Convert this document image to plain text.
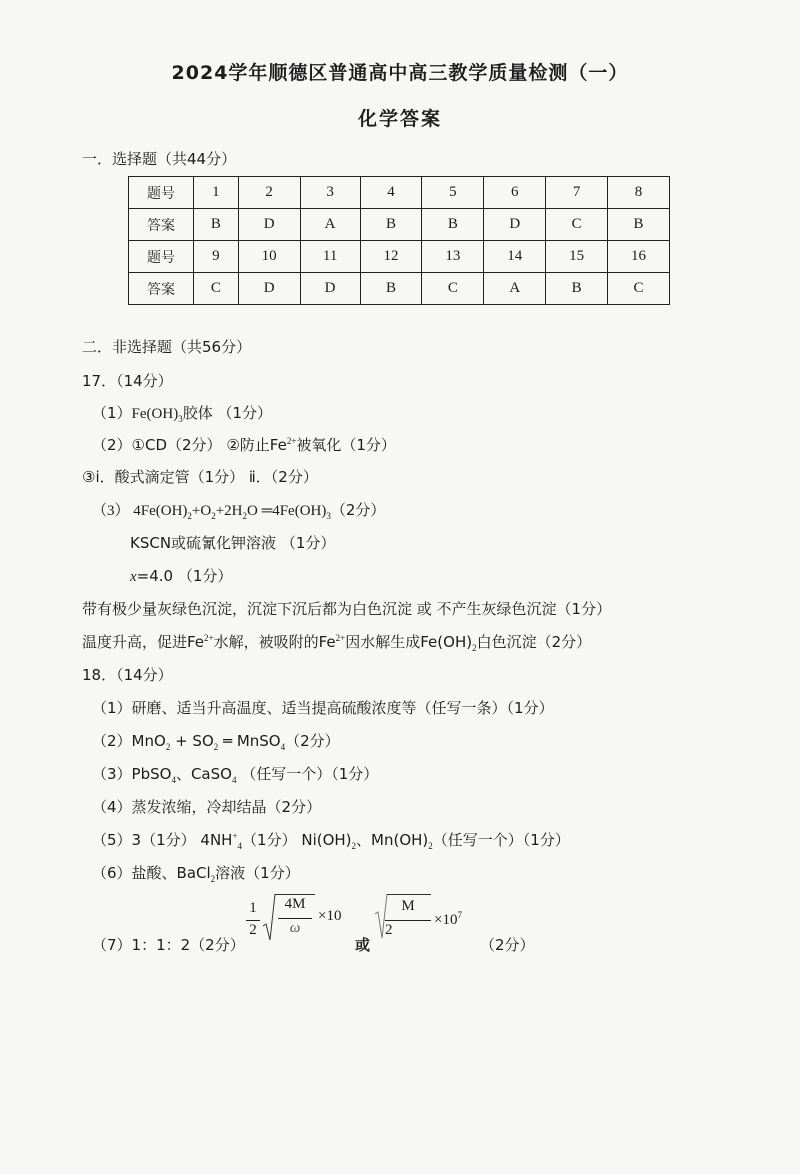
2024学年顺德区普通高中高三教学质量检测（一）
化学答案
一．选择题（共44分）
题号	1	2	3	4	5	6	7	8
答案	B	D	A	B	B	D	C	B
题号	9	10	11	12	13	14	15	16
答案	C	D	D	B	C	A	B	C
二．非选择题（共56分）
17．（14分）
$(1)Fe(OH)_3$胶体 （1分）
（2）①CD（2分） ②防止$Fe^{2+}$被氧化（1分）
③ⅰ．酸式滴定管（1分） ⅱ．（2分）
（3） $4Fe(OH)_2+O_2+2H_2O$ $═4Fe(OH)_3(2$分）
KSCN或硫氰化钾溶液 （1分）
x=4.0 （1分）
带有极少量灰绿色沉淀，沉淀下沉后都为白色沉淀 或 不产生灰绿色沉淀（1分）
温度升高，促进$Fe^{2+}$水解，被吸附的$Fe^{2+}$因水解生成$Fe(OH)_2$白色沉淀（2分）
18．（14分）
（1）研磨、适当升高温度、适当提高硫酸浓度等（任写一条）（1分）
$(2)MnO_2 + SO_2$ ═ MnSO$_4$（2分）
（3）PbSO$_4$、CaSO$_4$ （任写一个）（1分）
（4）蒸发浓缩，冷却结晶（2分）
（5）3（1分） $4NH^+_4(1$分） $Ni(OH)_2$、$Mn(OH)_2$（任写一个）（1分）
（6）盐酸、BaCl$_2$溶液（1分）
（7）1：1：2（2分）
1
2
4M
ω
×10
或
M
2
$\times 10^7$
（2分）
